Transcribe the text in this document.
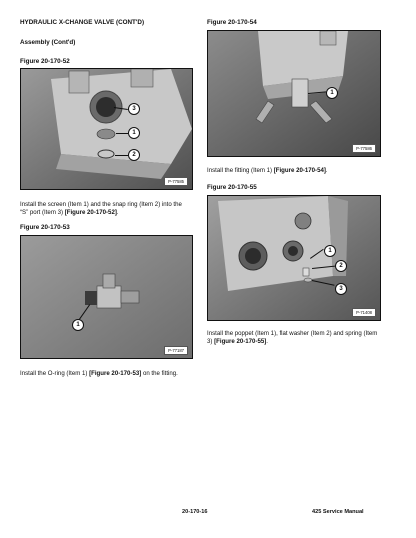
HYDRAULIC X-CHANGE VALVE (CONT'D)
Assembly (Cont'd)
Figure 20-170-52
3
1
2
P-77585
Install the screen (Item 1) and the snap ring (Item 2) into the “S” port (Item 3) [Figure 20-170-52].
Figure 20-170-53
1
P-77187
Install the O-ring (Item 1) [Figure 20-170-53] on the fitting.
Figure 20-170-54
1
P-77586
Install the fitting (Item 1) [Figure 20-170-54].
Figure 20-170-55
1
2
3
P-71408
Install the poppet (Item 1), flat washer (Item 2) and spring (Item 3) [Figure 20-170-55].
20-170-16	425 Service Manual
